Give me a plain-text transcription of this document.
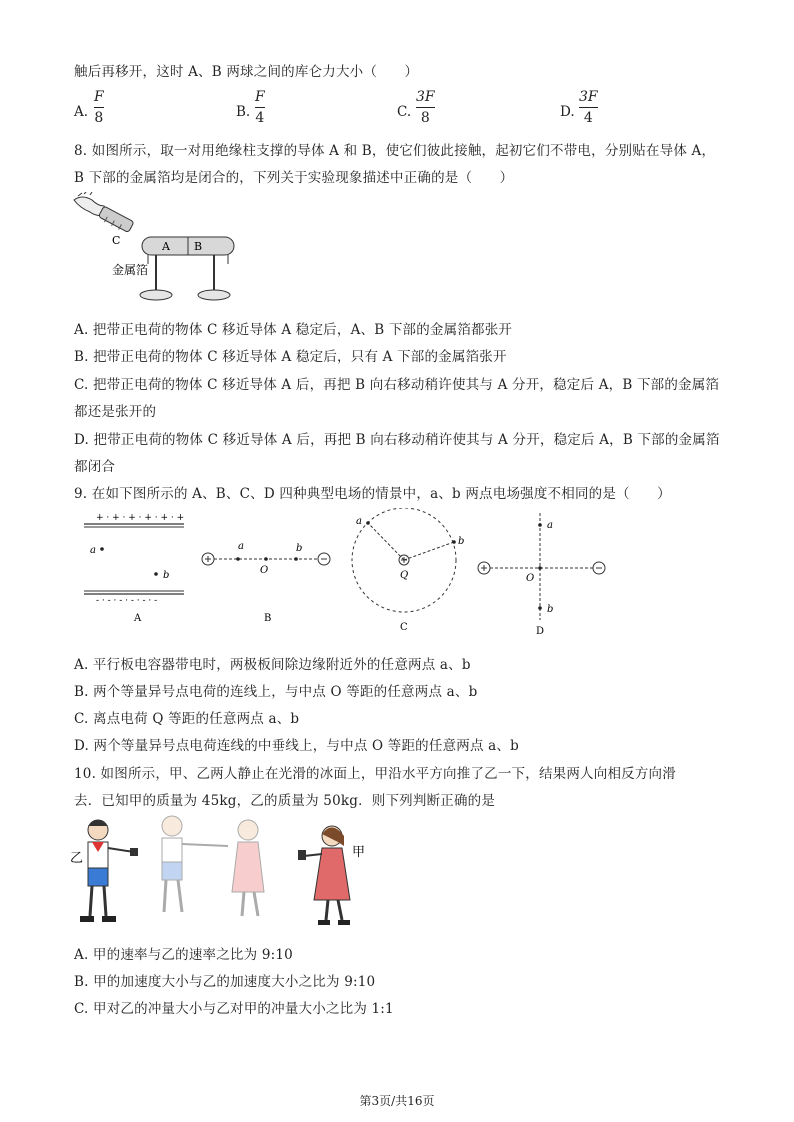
触后再移开，这时 A、B 两球之间的库仑力大小（　　）
A.
F
8	B.
F
4	C.
3F
8	D.
3F
4
8. 如图所示，取一对用绝缘柱支撑的导体 A 和 B，使它们彼此接触，起初它们不带电，分别贴在导体 A，
B 下部的金属箔均是闭合的，下列关于实验现象描述中正确的是（　　）
C	A B
金属箔
A. 把带正电荷的物体 C 移近导体 A 稳定后，A、B 下部的金属箔都张开
B. 把带正电荷的物体 C 移近导体 A 稳定后，只有 A 下部的金属箔张开
C. 把带正电荷的物体 C 移近导体 A 后，再把 B 向右移动稍许使其与 A 分开，稳定后 A，B 下部的金属箔
都还是张开的
D. 把带正电荷的物体 C 移近导体 A 后，再把 B 向右移动稍许使其与 A 分开，稳定后 A，B 下部的金属箔
都闭合
9. 在如下图所示的 A、B、C、D 四种典型电场的情景中，a、b 两点电场强度不相同的是（　　）
+ · + · + · + · + · +
a
b
- · - · - · - · - · -
A
a
O
b
B
a
b
Q
C
a
O
b
D
A. 平行板电容器带电时，两极板间除边缘附近外的任意两点 a、b
B. 两个等量异号点电荷的连线上，与中点 O 等距的任意两点 a、b
C. 离点电荷 Q 等距的任意两点 a、b
D. 两个等量异号点电荷连线的中垂线上，与中点 O 等距的任意两点 a、b
10. 如图所示，甲、乙两人静止在光滑的冰面上，甲沿水平方向推了乙一下，结果两人向相反方向滑
去．已知甲的质量为 45kg，乙的质量为 50kg．则下列判断正确的是
乙	甲
A. 甲的速率与乙的速率之比为 9:10
B. 甲的加速度大小与乙的加速度大小之比为 9:10
C. 甲对乙的冲量大小与乙对甲的冲量大小之比为 1:1
第3页/共16页
